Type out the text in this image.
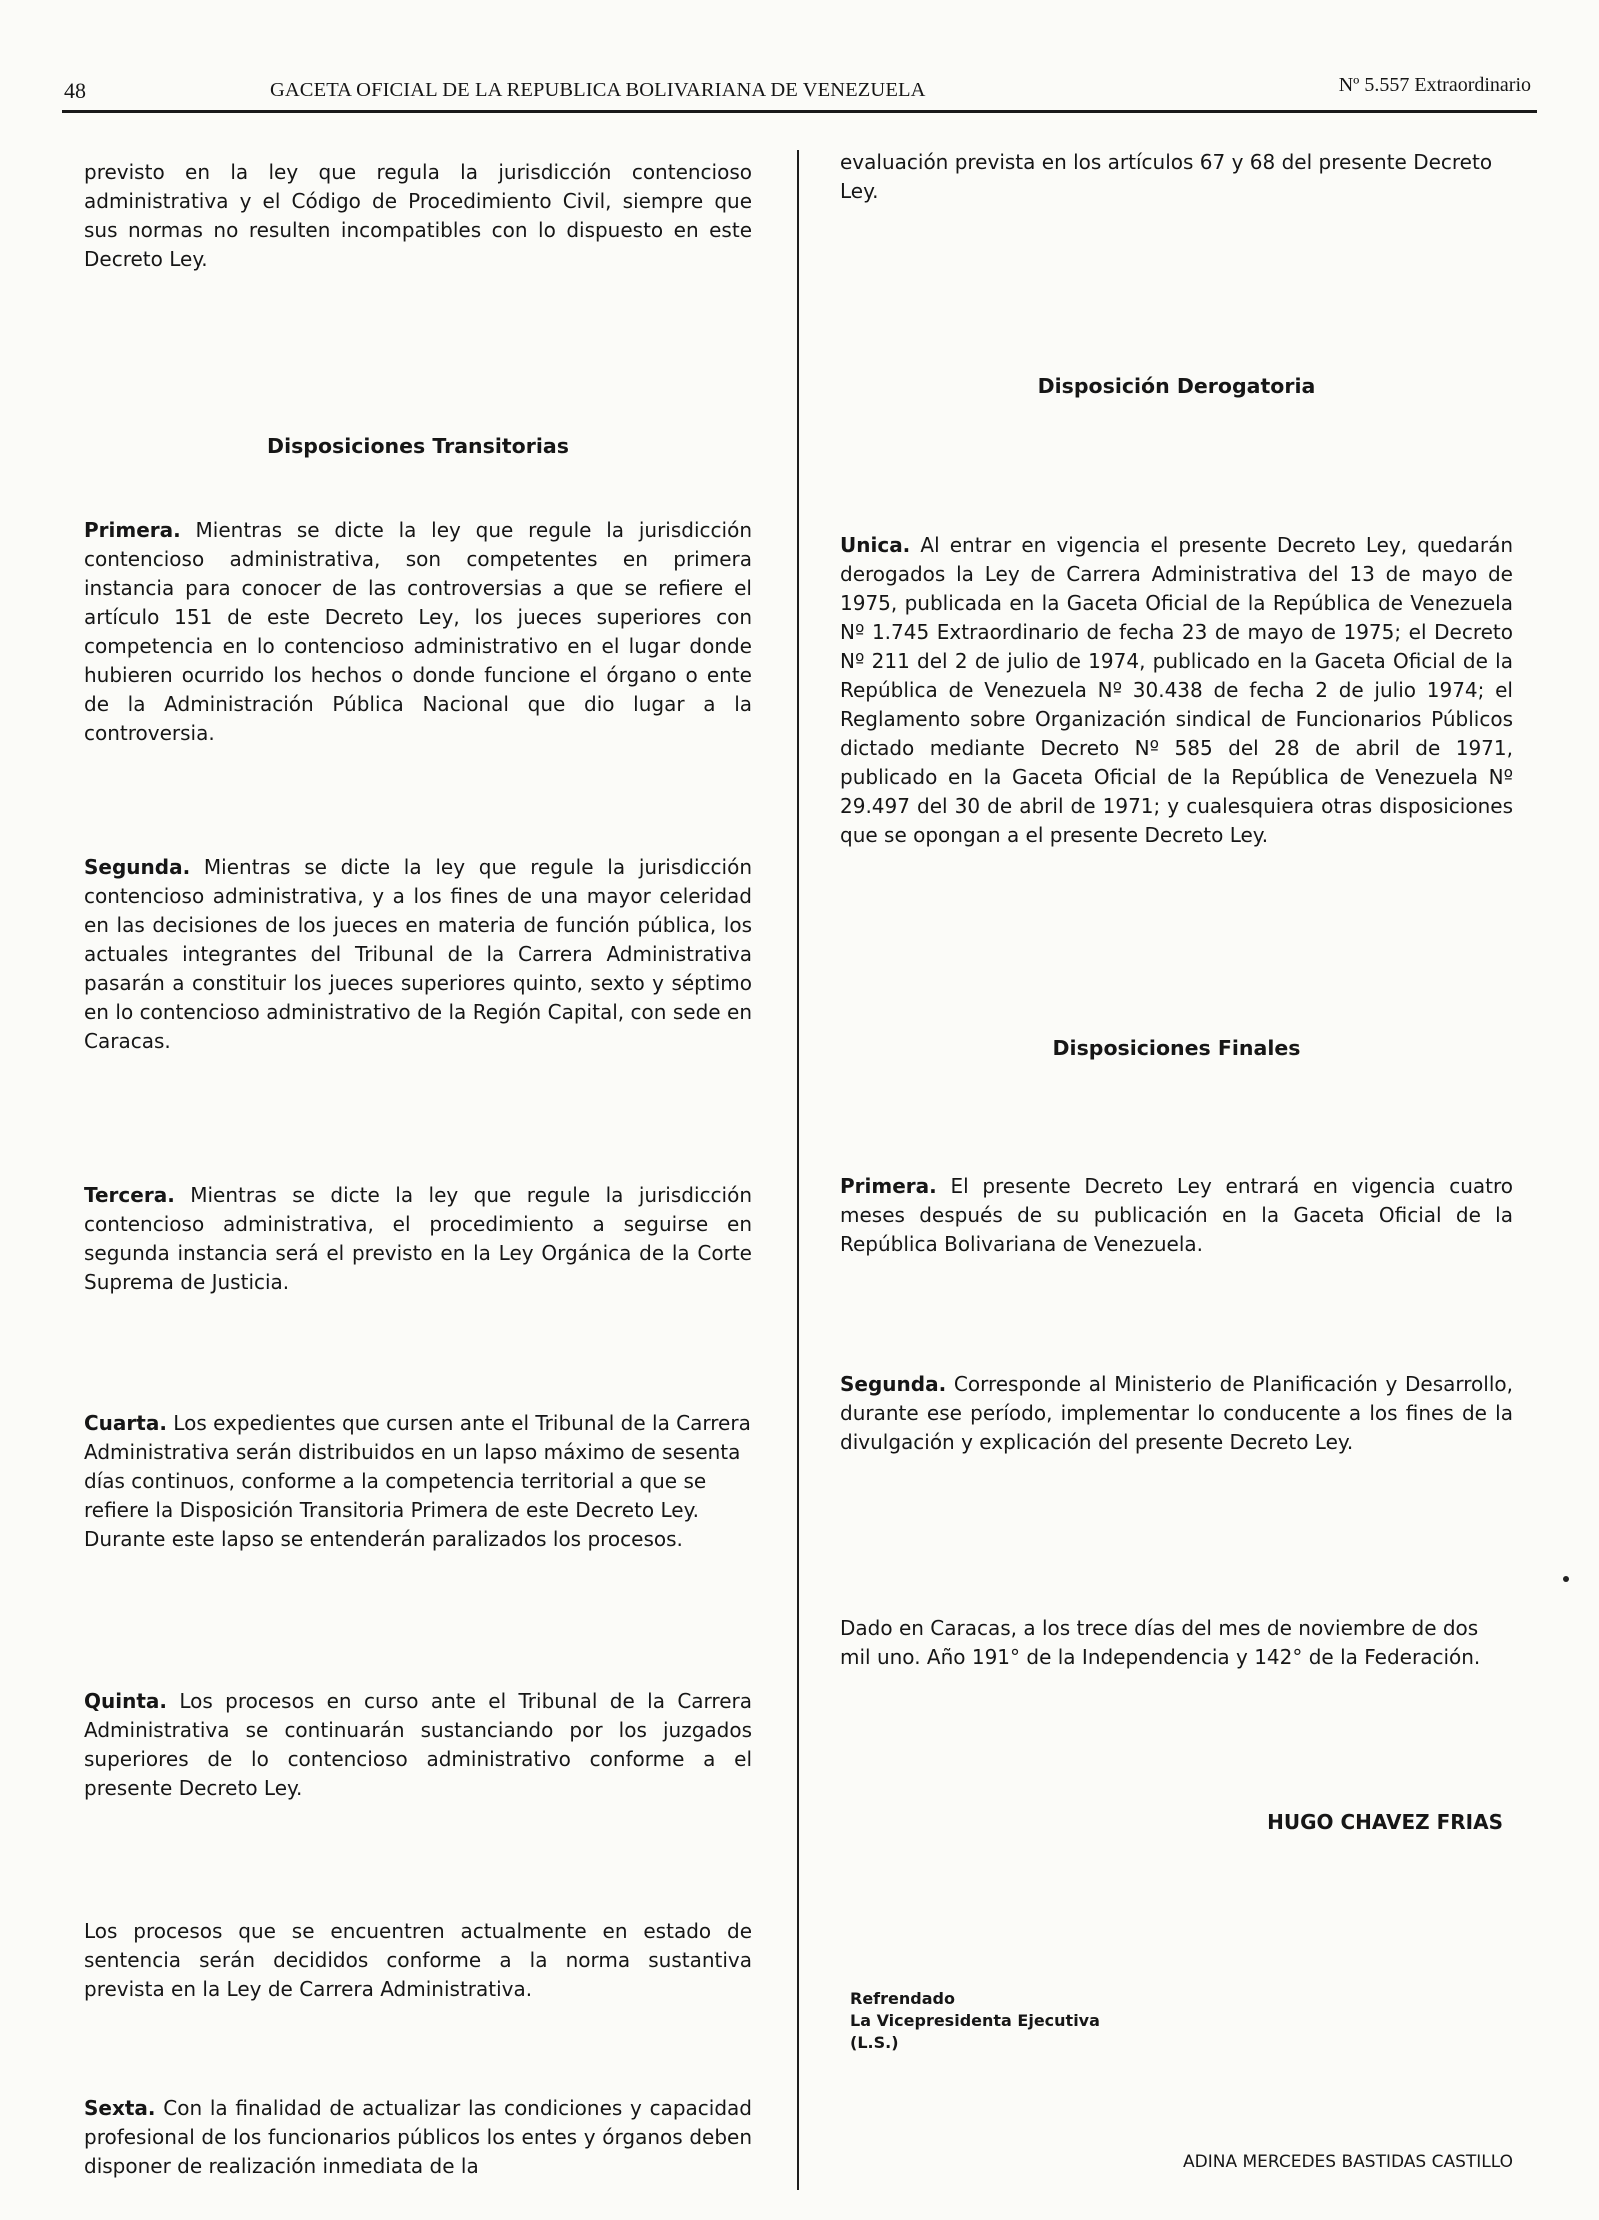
48	GACETA OFICIAL DE LA REPUBLICA BOLIVARIANA DE VENEZUELA	Nº 5.557 Extraordinario

previsto en la ley que regula la jurisdicción contencioso administrativa y el Código de Procedimiento Civil, siempre que sus normas no resulten incompatibles con lo dispuesto en este Decreto Ley.

Disposiciones Transitorias

Primera. Mientras se dicte la ley que regule la jurisdicción contencioso administrativa, son competentes en primera instancia para conocer de las controversias a que se refiere el artículo 151 de este Decreto Ley, los jueces superiores con competencia en lo contencioso administrativo en el lugar donde hubieren ocurrido los hechos o donde funcione el órgano o ente de la Administración Pública Nacional que dio lugar a la controversia.

Segunda. Mientras se dicte la ley que regule la jurisdicción contencioso administrativa, y a los fines de una mayor celeridad en las decisiones de los jueces en materia de función pública, los actuales integrantes del Tribunal de la Carrera Administrativa pasarán a constituir los jueces superiores quinto, sexto y séptimo en lo contencioso administrativo de la Región Capital, con sede en Caracas.

Tercera. Mientras se dicte la ley que regule la jurisdicción contencioso administrativa, el procedimiento a seguirse en segunda instancia será el previsto en la Ley Orgánica de la Corte Suprema de Justicia.

Cuarta. Los expedientes que cursen ante el Tribunal de la Carrera Administrativa serán distribuidos en un lapso máximo de sesenta días continuos, conforme a la competencia territorial a que se refiere la Disposición Transitoria Primera de este Decreto Ley. Durante este lapso se entenderán paralizados los procesos.

Quinta. Los procesos en curso ante el Tribunal de la Carrera Administrativa se continuarán sustanciando por los juzgados superiores de lo contencioso administrativo conforme a el presente Decreto Ley.

Los procesos que se encuentren actualmente en estado de sentencia serán decididos conforme a la norma sustantiva prevista en la Ley de Carrera Administrativa.

Sexta. Con la finalidad de actualizar las condiciones y capacidad profesional de los funcionarios públicos los entes y órganos deben disponer de realización inmediata de la

evaluación prevista en los artículos 67 y 68 del presente Decreto Ley.

Disposición Derogatoria

Unica. Al entrar en vigencia el presente Decreto Ley, quedarán derogados la Ley de Carrera Administrativa del 13 de mayo de 1975, publicada en la Gaceta Oficial de la República de Venezuela Nº 1.745 Extraordinario de fecha 23 de mayo de 1975; el Decreto Nº 211 del 2 de julio de 1974, publicado en la Gaceta Oficial de la República de Venezuela Nº 30.438 de fecha 2 de julio 1974; el Reglamento sobre Organización sindical de Funcionarios Públicos dictado mediante Decreto Nº 585 del 28 de abril de 1971, publicado en la Gaceta Oficial de la República de Venezuela Nº 29.497 del 30 de abril de 1971; y cualesquiera otras disposiciones que se opongan a el presente Decreto Ley.

Disposiciones Finales

Primera. El presente Decreto Ley entrará en vigencia cuatro meses después de su publicación en la Gaceta Oficial de la República Bolivariana de Venezuela.

Segunda. Corresponde al Ministerio de Planificación y Desarrollo, durante ese período, implementar lo conducente a los fines de la divulgación y explicación del presente Decreto Ley.

Dado en Caracas, a los trece días del mes de noviembre de dos mil uno. Año 191° de la Independencia y 142° de la Federación.

HUGO CHAVEZ FRIAS

Refrendado
La Vicepresidenta Ejecutiva
(L.S.)

ADINA MERCEDES BASTIDAS CASTILLO
